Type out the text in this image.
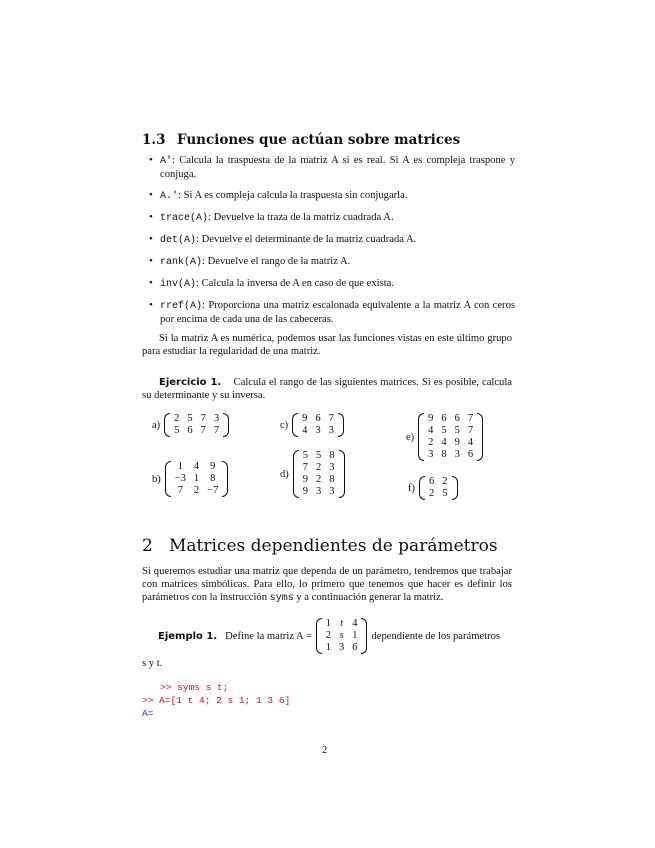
1.3 Funciones que actúan sobre matrices
• A': Calcula la traspuesta de la matriz A si es real. Si A es compleja traspone y conjuga.
• A.': Si A es compleja calcula la traspuesta sin conjugarla.
• trace(A): Devuelve la traza de la matriz cuadrada A.
• det(A): Devuelve el determinante de la matriz cuadrada A.
• rank(A): Devuelve el rango de la matriz A.
• inv(A): Calcula la inversa de A en caso de que exista.
• rref(A): Proporciona una matriz escalonada equivalente a la matriz A con ceros por encima de cada una de las cabeceras.
Si la matriz A es numérica, podemos usar las funciones vistas en este último grupo para estudiar la regularidad de una matriz.
Ejercicio 1. Calcula el rango de las siguientes matrices. Si es posible, calcula su determinante y su inversa.
a)
2	5	7	3
5	6	7	7	c)
9	6	7
4	3	3
e)
9	6	6	7
4	5	5	7
2	4	9	4
3	8	3	6
b)
1	4	9
−3	1	8
7	2	−7
d)
5	5	8
7	2	3
9	2	8
9	3	3	f)
6	2
2	5
2 Matrices dependientes de parámetros
Si queremos estudiar una matriz que dependa de un parámetro, tendremos que trabajar con matrices simbólicas. Para ello, lo primero que tenemos que hacer es definir los parámetros con la instrucción syms y a continuación generar la matriz.
Ejemplo 1. Define la matriz A =
1	t	4
2	s	1
1	3	6
dependiente de los parámetros
s y t.
>> syms s t;
>> A=[1 t 4; 2 s 1; 1 3 6]
A=
2
